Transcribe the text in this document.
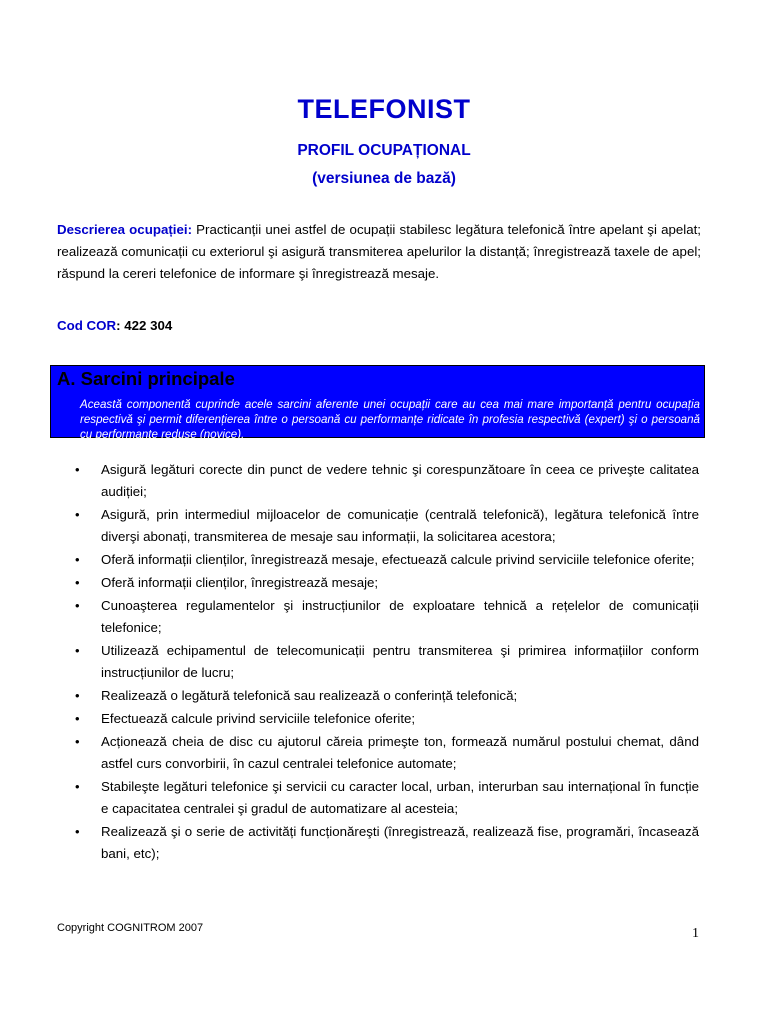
TELEFONIST
PROFIL OCUPAȚIONAL
(versiunea de bază)
Descrierea ocupației: Practicanții unei astfel de ocupații stabilesc legătura telefonică între apelant şi apelat; realizează comunicații cu exteriorul şi asigură transmiterea apelurilor la distanță; înregistrează taxele de apel; răspund la cereri telefonice de informare şi înregistrează mesaje.
Cod COR: 422 304
A. Sarcini principale
Această componentă cuprinde acele sarcini aferente unei ocupații care au cea mai mare importanță pentru ocupația respectivă şi permit diferențierea între o persoană cu performanțe ridicate în profesia respectivă (expert) şi o persoană cu performanțe reduse (novice).
• Asigură legături corecte din punct de vedere tehnic şi corespunzătoare în ceea ce priveşte calitatea audiției;
• Asigură, prin intermediul mijloacelor de comunicație (centrală telefonică), legătura telefonică între diverşi abonați, transmiterea de mesaje sau informații, la solicitarea acestora;
• Oferă informații clienților, înregistrează mesaje, efectuează calcule privind serviciile telefonice oferite;
• Oferă informații clienților, înregistrează mesaje;
• Cunoaşterea regulamentelor şi instrucțiunilor de exploatare tehnică a rețelelor de comunicații telefonice;
• Utilizează echipamentul de telecomunicații pentru transmiterea şi primirea informațiilor conform instrucțiunilor de lucru;
• Realizează o legătură telefonică sau realizează o conferință telefonică;
• Efectuează calcule privind serviciile telefonice oferite;
• Acționează cheia de disc cu ajutorul căreia primeşte ton, formează numărul postului chemat, dând astfel curs convorbirii, în cazul centralei telefonice automate;
• Stabileşte legături telefonice şi servicii cu caracter local, urban, interurban sau internațional în funcție e capacitatea centralei şi gradul de automatizare al acesteia;
• Realizează şi o serie de activități funcționăreşti (înregistrează, realizează fise, programări, încasează bani, etc);
Copyright COGNITROM 2007	1
